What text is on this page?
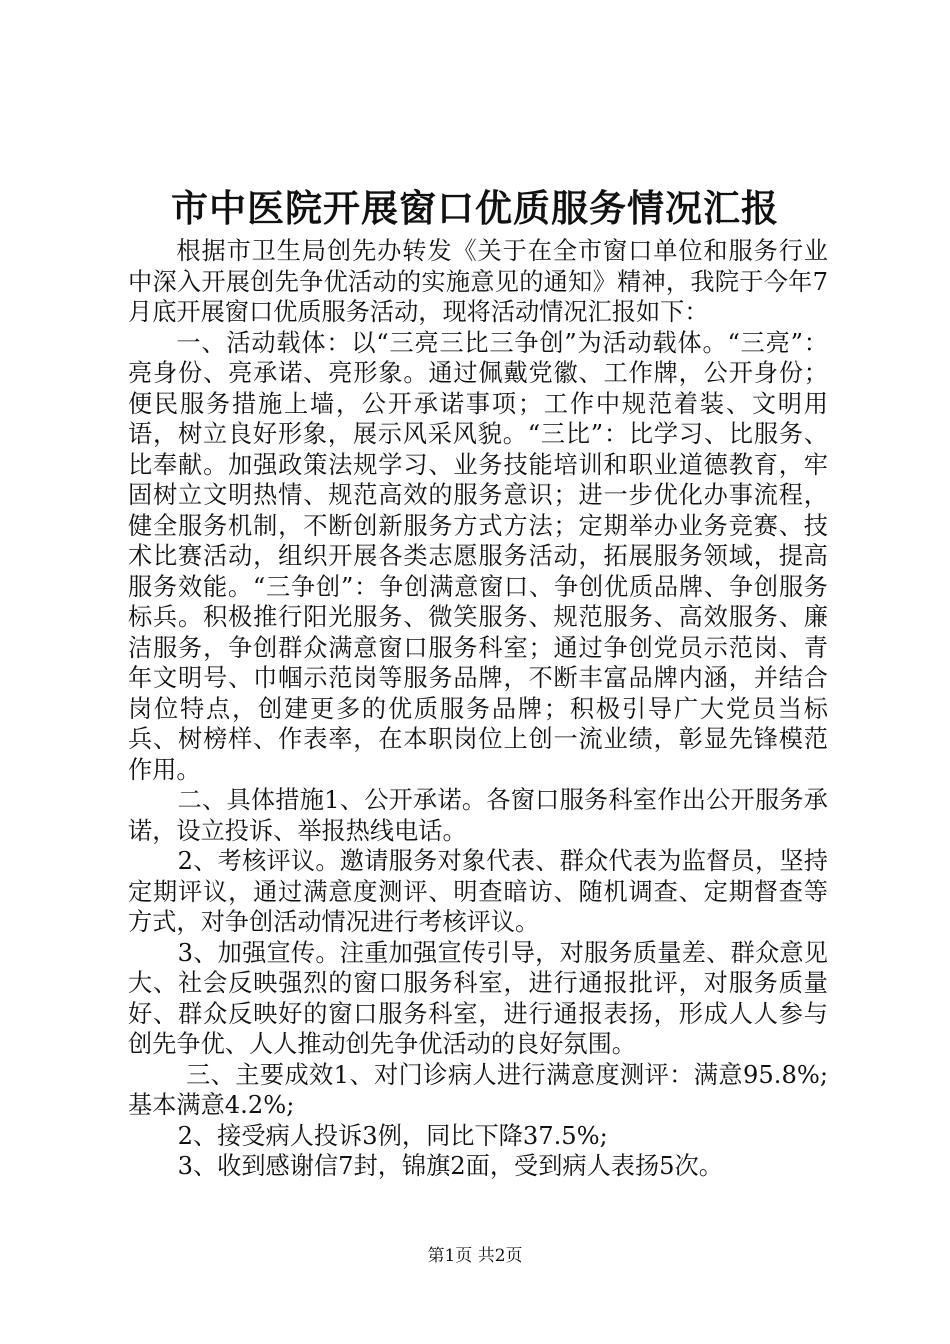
市中医院开展窗口优质服务情况汇报

根据市卫生局创先办转发《关于在全市窗口单位和服务行业中深入开展创先争优活动的实施意见的通知》精神，我院于今年7月底开展窗口优质服务活动，现将活动情况汇报如下：

一、活动载体：以“三亮三比三争创”为活动载体。“三亮”：亮身份、亮承诺、亮形象。通过佩戴党徽、工作牌，公开身份；便民服务措施上墙，公开承诺事项；工作中规范着装、文明用语，树立良好形象，展示风采风貌。“三比”：比学习、比服务、比奉献。加强政策法规学习、业务技能培训和职业道德教育，牢固树立文明热情、规范高效的服务意识；进一步优化办事流程，健全服务机制，不断创新服务方式方法；定期举办业务竞赛、技术比赛活动，组织开展各类志愿服务活动，拓展服务领域，提高服务效能。“三争创”：争创满意窗口、争创优质品牌、争创服务标兵。积极推行阳光服务、微笑服务、规范服务、高效服务、廉洁服务，争创群众满意窗口服务科室；通过争创党员示范岗、青年文明号、巾帼示范岗等服务品牌，不断丰富品牌内涵，并结合岗位特点，创建更多的优质服务品牌；积极引导广大党员当标兵、树榜样、作表率，在本职岗位上创一流业绩，彰显先锋模范作用。

二、具体措施1、公开承诺。各窗口服务科室作出公开服务承诺，设立投诉、举报热线电话。

2、考核评议。邀请服务对象代表、群众代表为监督员，坚持定期评议，通过满意度测评、明查暗访、随机调查、定期督查等方式，对争创活动情况进行考核评议。

3、加强宣传。注重加强宣传引导，对服务质量差、群众意见大、社会反映强烈的窗口服务科室，进行通报批评，对服务质量好、群众反映好的窗口服务科室，进行通报表扬，形成人人参与创先争优、人人推动创先争优活动的良好氛围。

三、主要成效1、对门诊病人进行满意度测评：满意95.8%;基本满意4.2%;

2、接受病人投诉3例，同比下降37.5%;

3、收到感谢信7封，锦旗2面，受到病人表扬5次。

第1页 共2页
